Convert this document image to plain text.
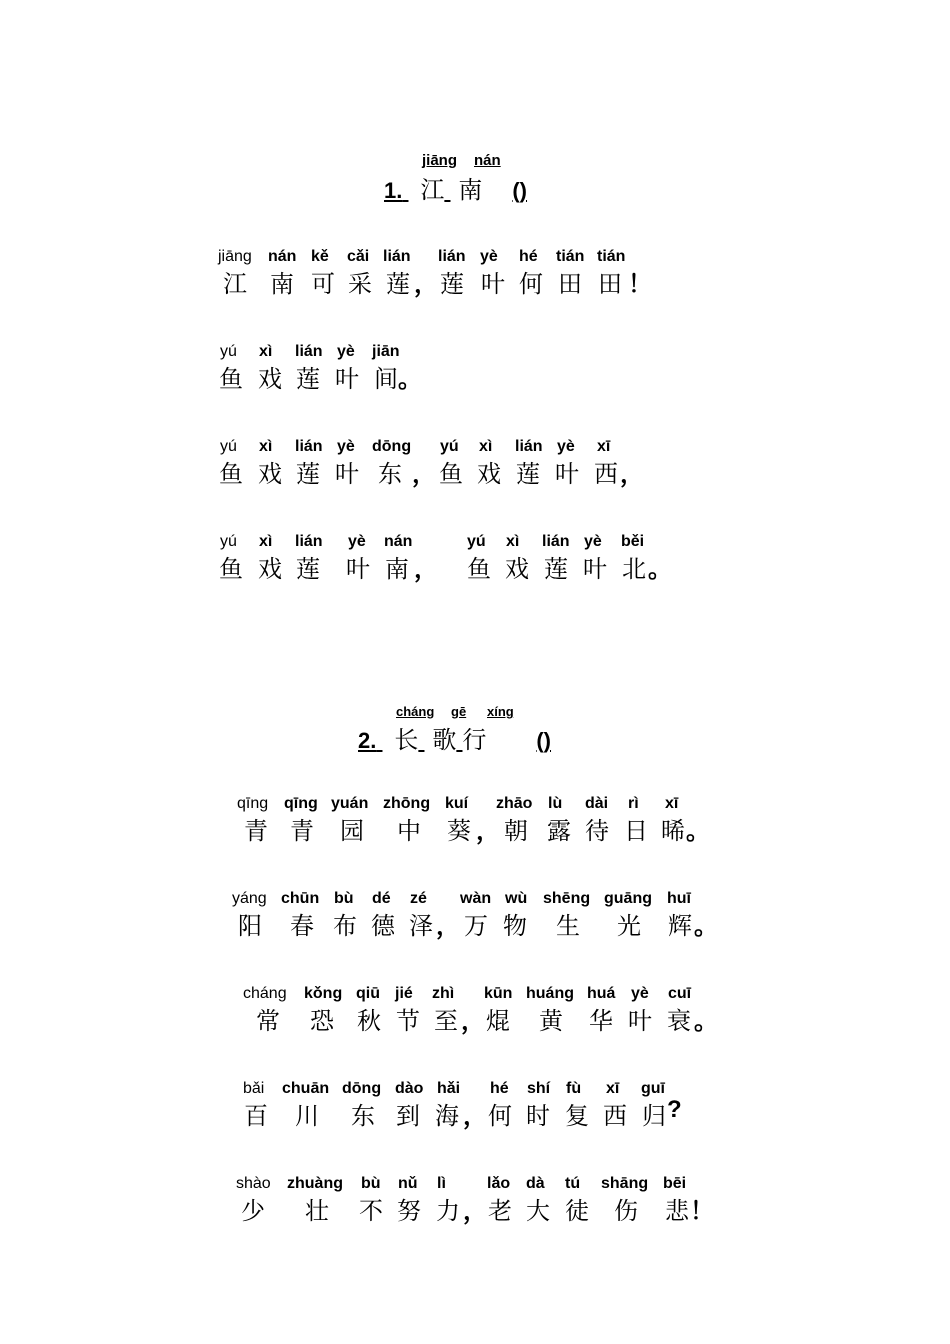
jiāng nán
1. 江 南 ()
jiāng nán kě cǎi lián lián yè hé tián tián
江 南 可 采 莲 ， 莲 叶 何 田 田 ！
yú xì lián yè jiān
鱼 戏 莲 叶 间 。
yú xì lián yè dōng yú xì lián yè xī
鱼 戏 莲 叶 东 ， 鱼 戏 莲 叶 西 ，
yú xì lián yè nán	yú xì lián yè běi
鱼 戏 莲 叶 南 ， 鱼 戏 莲 叶 北 。
cháng gē xíng
2. 长 歌 行 ()
qīng qīng yuán zhōng kuí zhāo lù dài rì xī
青 青 园 中 葵 ， 朝 露 待 日 晞 。
yáng chūn bù dé zé wàn wù shēng guāng huī
阳 春 布 德 泽 ， 万 物 生 光 辉 。
cháng kǒng qiū jié zhì kūn huáng huá yè cuī
常 恐 秋 节 至 ， 焜 黄 华 叶 衰 。
bǎi chuān dōng dào hǎi hé shí fù xī guī
百 川 东 到 海 ， 何 时 复 西 归 ?
shào zhuàng bù nǔ lì	lǎo dà tú shāng bēi
少 壮 不 努 力 ， 老 大 徒 伤 悲 ！
